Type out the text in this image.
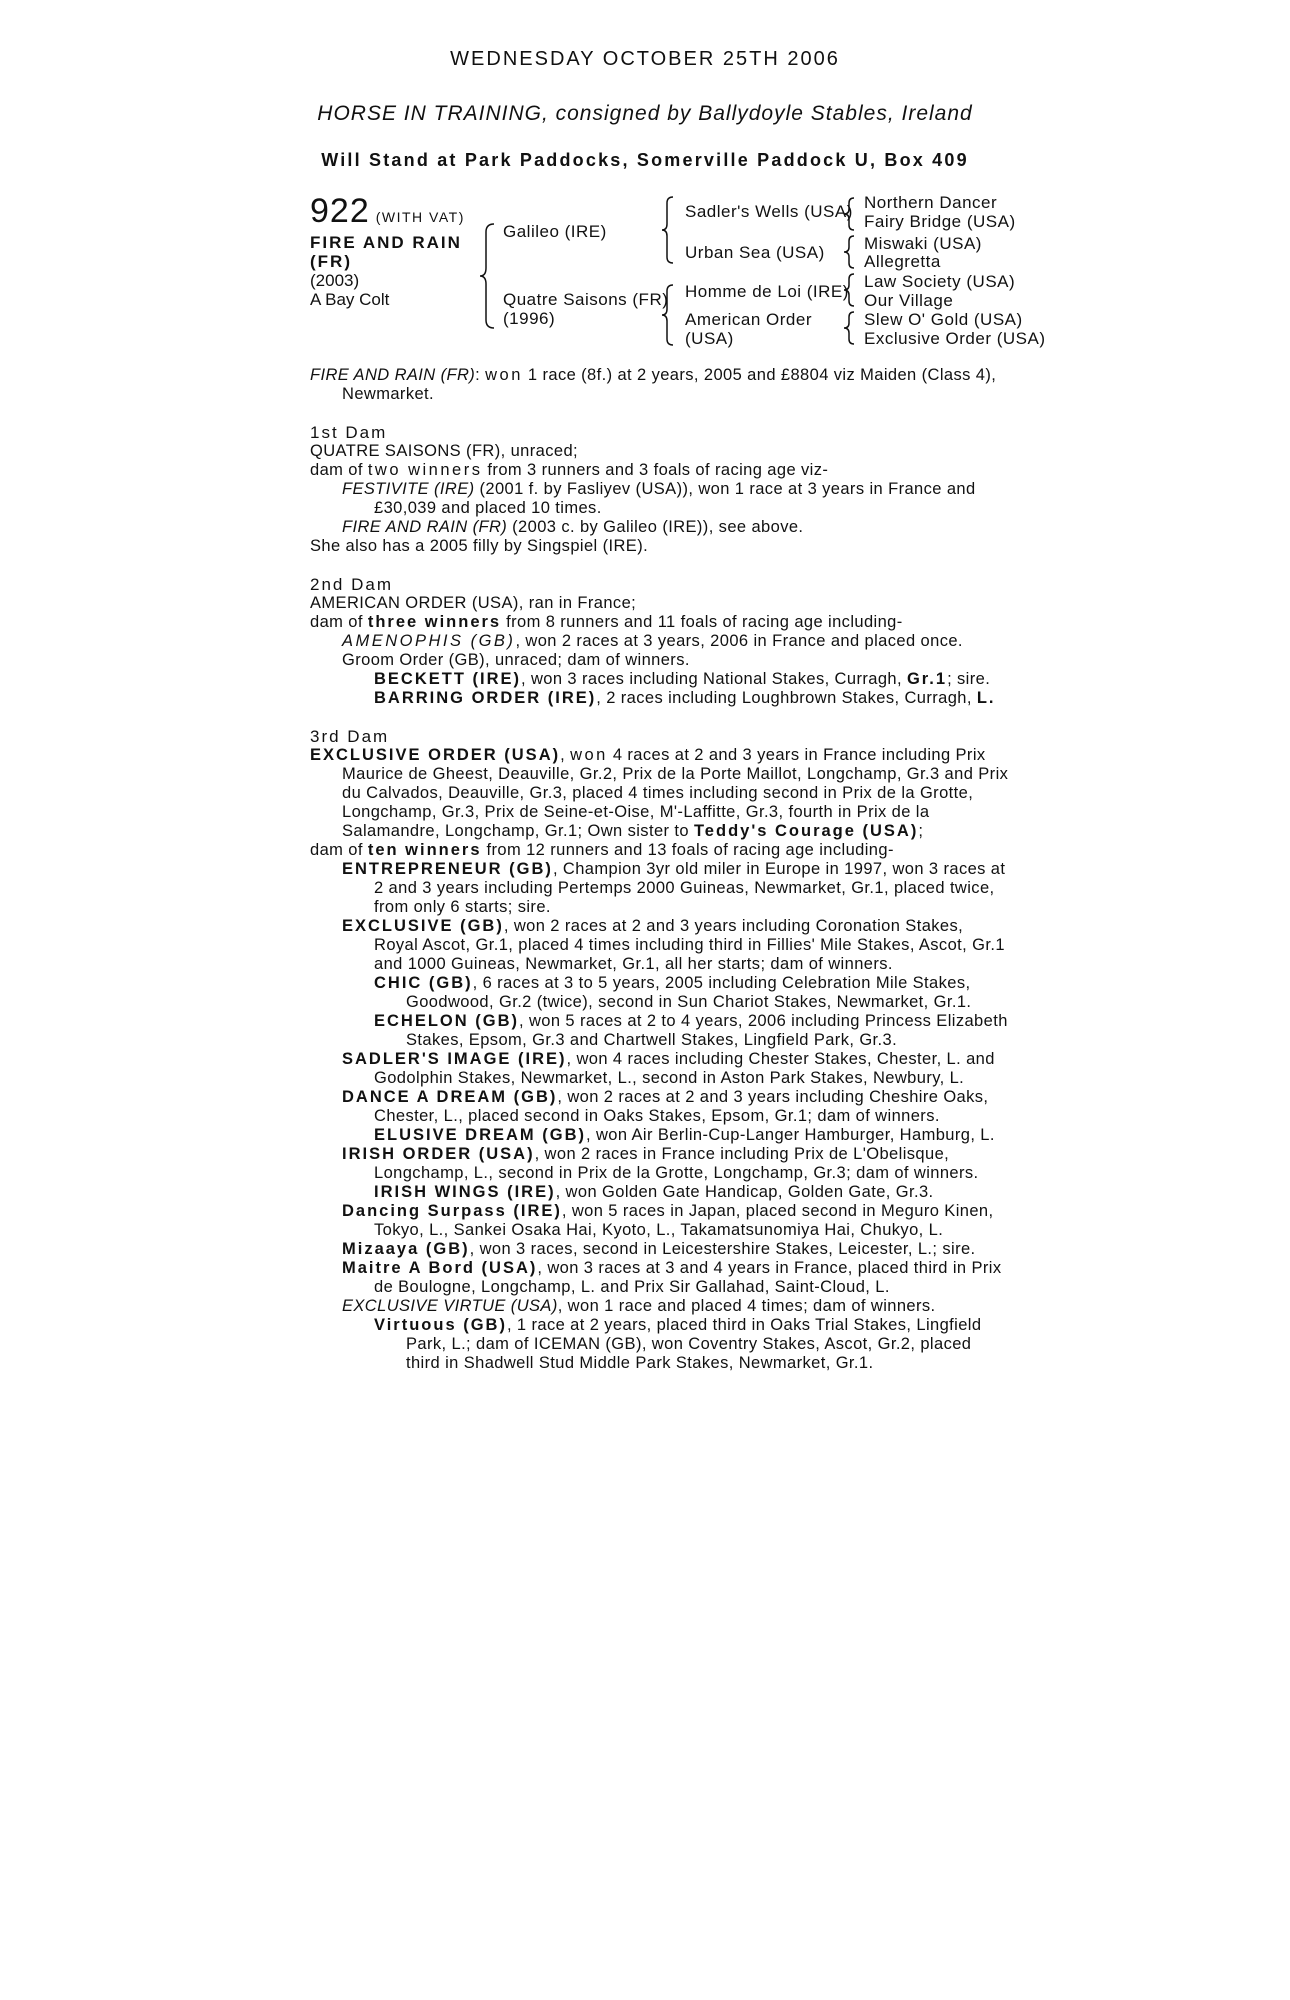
WEDNESDAY OCTOBER 25TH 2006
HORSE IN TRAINING, consigned by Ballydoyle Stables, Ireland
Will Stand at Park Paddocks, Somerville Paddock U, Box 409
922 (WITH VAT)
FIRE AND RAIN
(FR)
(2003)
A Bay Colt
Galileo (IRE)
Quatre Saisons (FR)
(1996)
Sadler's Wells (USA)
Urban Sea (USA)
Homme de Loi (IRE)
American Order
(USA)
Northern Dancer
Fairy Bridge (USA)
Miswaki (USA)
Allegretta
Law Society (USA)
Our Village
Slew O' Gold (USA)
Exclusive Order (USA)

FIRE AND RAIN (FR): won 1 race (8f.) at 2 years, 2005 and £8804 viz Maiden (Class 4), Newmarket.

1st Dam

QUATRE SAISONS (FR), unraced;

dam of two winners from 3 runners and 3 foals of racing age viz-

FESTIVITE (IRE) (2001 f. by Fasliyev (USA)), won 1 race at 3 years in France and £30,039 and placed 10 times.

FIRE AND RAIN (FR) (2003 c. by Galileo (IRE)), see above.

She also has a 2005 filly by Singspiel (IRE).

2nd Dam

AMERICAN ORDER (USA), ran in France;

dam of three winners from 8 runners and 11 foals of racing age including-

AMENOPHIS (GB), won 2 races at 3 years, 2006 in France and placed once.

Groom Order (GB), unraced; dam of winners.

BECKETT (IRE), won 3 races including National Stakes, Curragh, Gr.1; sire.

BARRING ORDER (IRE), 2 races including Loughbrown Stakes, Curragh, L.

3rd Dam

EXCLUSIVE ORDER (USA), won 4 races at 2 and 3 years in France including Prix Maurice de Gheest, Deauville, Gr.2, Prix de la Porte Maillot, Longchamp, Gr.3 and Prix du Calvados, Deauville, Gr.3, placed 4 times including second in Prix de la Grotte, Longchamp, Gr.3, Prix de Seine-et-Oise, M'-Laffitte, Gr.3, fourth in Prix de la Salamandre, Longchamp, Gr.1; Own sister to Teddy's Courage (USA);

dam of ten winners from 12 runners and 13 foals of racing age including-

ENTREPRENEUR (GB), Champion 3yr old miler in Europe in 1997, won 3 races at 2 and 3 years including Pertemps 2000 Guineas, Newmarket, Gr.1, placed twice, from only 6 starts; sire.

EXCLUSIVE (GB), won 2 races at 2 and 3 years including Coronation Stakes, Royal Ascot, Gr.1, placed 4 times including third in Fillies' Mile Stakes, Ascot, Gr.1 and 1000 Guineas, Newmarket, Gr.1, all her starts; dam of winners.

CHIC (GB), 6 races at 3 to 5 years, 2005 including Celebration Mile Stakes, Goodwood, Gr.2 (twice), second in Sun Chariot Stakes, Newmarket, Gr.1.

ECHELON (GB), won 5 races at 2 to 4 years, 2006 including Princess Elizabeth Stakes, Epsom, Gr.3 and Chartwell Stakes, Lingfield Park, Gr.3.

SADLER'S IMAGE (IRE), won 4 races including Chester Stakes, Chester, L. and Godolphin Stakes, Newmarket, L., second in Aston Park Stakes, Newbury, L.

DANCE A DREAM (GB), won 2 races at 2 and 3 years including Cheshire Oaks, Chester, L., placed second in Oaks Stakes, Epsom, Gr.1; dam of winners.

ELUSIVE DREAM (GB), won Air Berlin-Cup-Langer Hamburger, Hamburg, L.

IRISH ORDER (USA), won 2 races in France including Prix de L'Obelisque, Longchamp, L., second in Prix de la Grotte, Longchamp, Gr.3; dam of winners.

IRISH WINGS (IRE), won Golden Gate Handicap, Golden Gate, Gr.3.

Dancing Surpass (IRE), won 5 races in Japan, placed second in Meguro Kinen, Tokyo, L., Sankei Osaka Hai, Kyoto, L., Takamatsunomiya Hai, Chukyo, L.

Mizaaya (GB), won 3 races, second in Leicestershire Stakes, Leicester, L.; sire.

Maitre A Bord (USA), won 3 races at 3 and 4 years in France, placed third in Prix de Boulogne, Longchamp, L. and Prix Sir Gallahad, Saint-Cloud, L.

EXCLUSIVE VIRTUE (USA), won 1 race and placed 4 times; dam of winners.

Virtuous (GB), 1 race at 2 years, placed third in Oaks Trial Stakes, Lingfield Park, L.; dam of ICEMAN (GB), won Coventry Stakes, Ascot, Gr.2, placed third in Shadwell Stud Middle Park Stakes, Newmarket, Gr.1.
